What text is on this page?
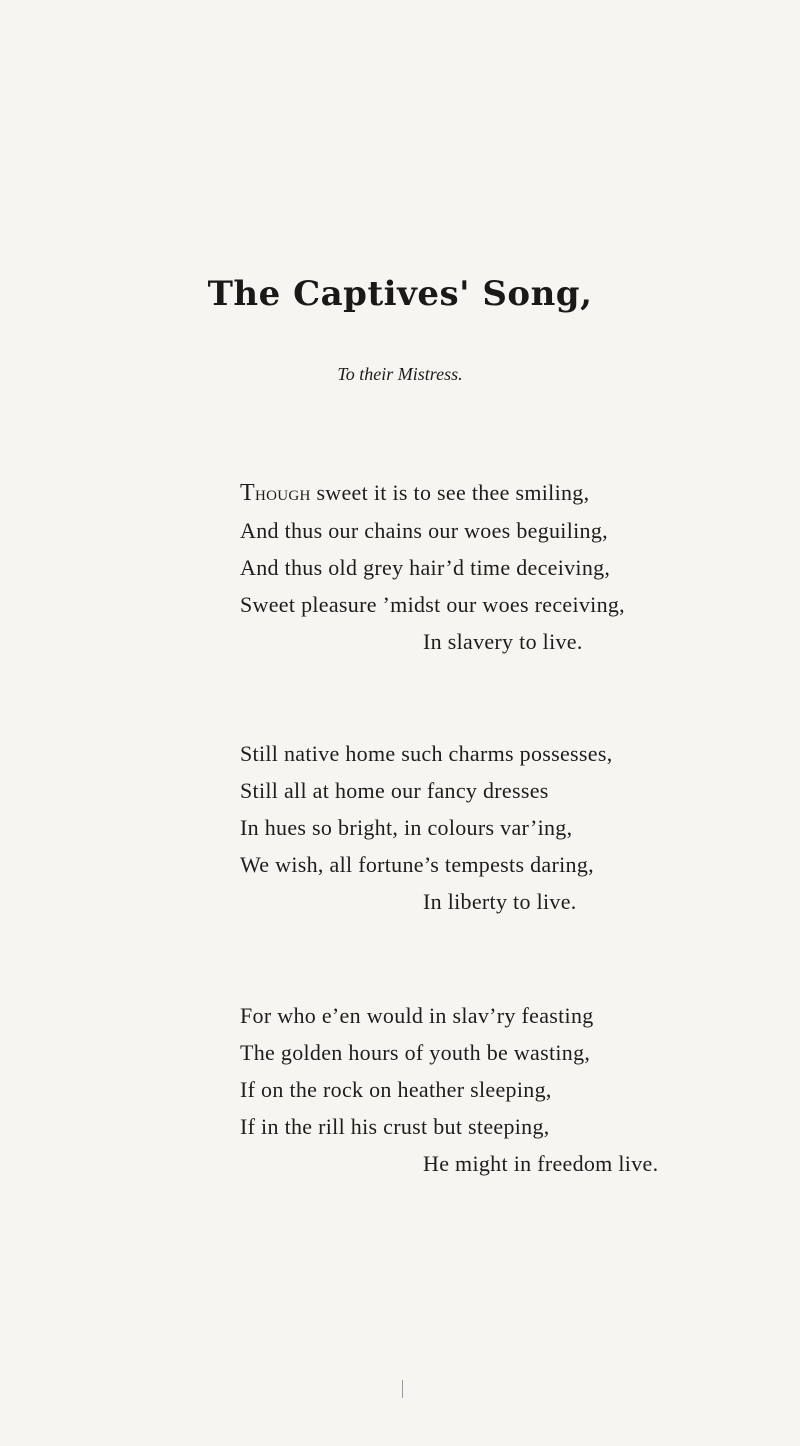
The Captives' Song,
To their Mistress.
Though sweet it is to see thee smiling,
And thus our chains our woes beguiling,
And thus old grey hair’d time deceiving,
Sweet pleasure ’midst our woes receiving,
In slavery to live.
Still native home such charms possesses,
Still all at home our fancy dresses
In hues so bright, in colours var’ing,
We wish, all fortune’s tempests daring,
In liberty to live.
For who e’en would in slav’ry feasting
The golden hours of youth be wasting,
If on the rock on heather sleeping,
If in the rill his crust but steeping,
He might in freedom live.
